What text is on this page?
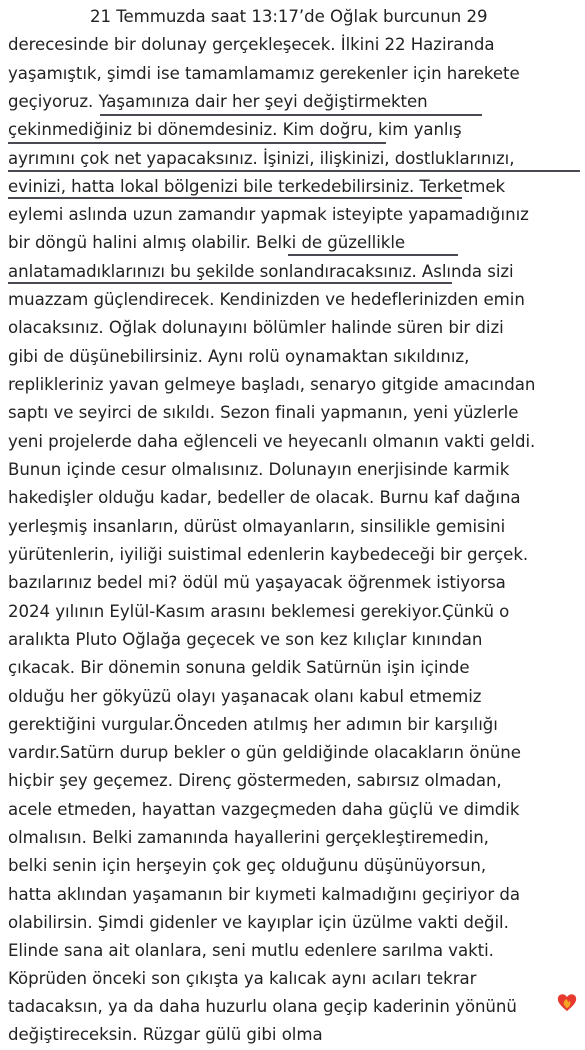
21 Temmuzda saat 13:17’de Oğlak burcunun 29
derecesinde bir dolunay gerçekleşecek. İlkini 22 Haziranda
yaşamıştık, şimdi ise tamamlamamız gerekenler için harekete
geçiyoruz. Yaşamınıza dair her şeyi değiştirmekten
çekinmediğiniz bi dönemdesiniz. Kim doğru, kim yanlış
ayrımını çok net yapacaksınız. İşinizi, ilişkinizi, dostluklarınızı,
evinizi, hatta lokal bölgenizi bile terkedebilirsiniz. Terketmek
eylemi aslında uzun zamandır yapmak isteyipte yapamadığınız
bir döngü halini almış olabilir. Belki de güzellikle
anlatamadıklarınızı bu şekilde sonlandıracaksınız. Aslında sizi
muazzam güçlendirecek. Kendinizden ve hedeflerinizden emin
olacaksınız. Oğlak dolunayını bölümler halinde süren bir dizi
gibi de düşünebilirsiniz. Aynı rolü oynamaktan sıkıldınız,
replikleriniz yavan gelmeye başladı, senaryo gitgide amacından
saptı ve seyirci de sıkıldı. Sezon finali yapmanın, yeni yüzlerle
yeni projelerde daha eğlenceli ve heyecanlı olmanın vakti geldi.
Bunun içinde cesur olmalısınız. Dolunayın enerjisinde karmik
hakedişler olduğu kadar, bedeller de olacak. Burnu kaf dağına
yerleşmiş insanların, dürüst olmayanların, sinsilikle gemisini
yürütenlerin, iyiliği suistimal edenlerin kaybedeceği bir gerçek.
bazılarınız bedel mi? ödül mü yaşayacak öğrenmek istiyorsa
2024 yılının Eylül-Kasım arasını beklemesi gerekiyor.Çünkü o
aralıkta Pluto Oğlağa geçecek ve son kez kılıçlar kınından
çıkacak. Bir dönemin sonuna geldik Satürnün işin içinde
olduğu her gökyüzü olayı yaşanacak olanı kabul etmemiz
gerektiğini vurgular.Önceden atılmış her adımın bir karşılığı
vardır.Satürn durup bekler o gün geldiğinde olacakların önüne
hiçbir şey geçemez. Direnç göstermeden, sabırsız olmadan,
acele etmeden, hayattan vazgeçmeden daha güçlü ve dimdik
olmalısın. Belki zamanında hayallerini gerçekleştiremedin,
belki senin için herşeyin çok geç olduğunu düşünüyorsun,
hatta aklından yaşamanın bir kıymeti kalmadığını geçiriyor da
olabilirsin. Şimdi gidenler ve kayıplar için üzülme vakti değil.
Elinde sana ait olanlara, seni mutlu edenlere sarılma vakti.
Köprüden önceki son çıkışta ya kalıcak aynı acıları tekrar
tadacaksın, ya da daha huzurlu olana geçip kaderinin yönünü
değiştireceksin. Rüzgar gülü gibi olma
